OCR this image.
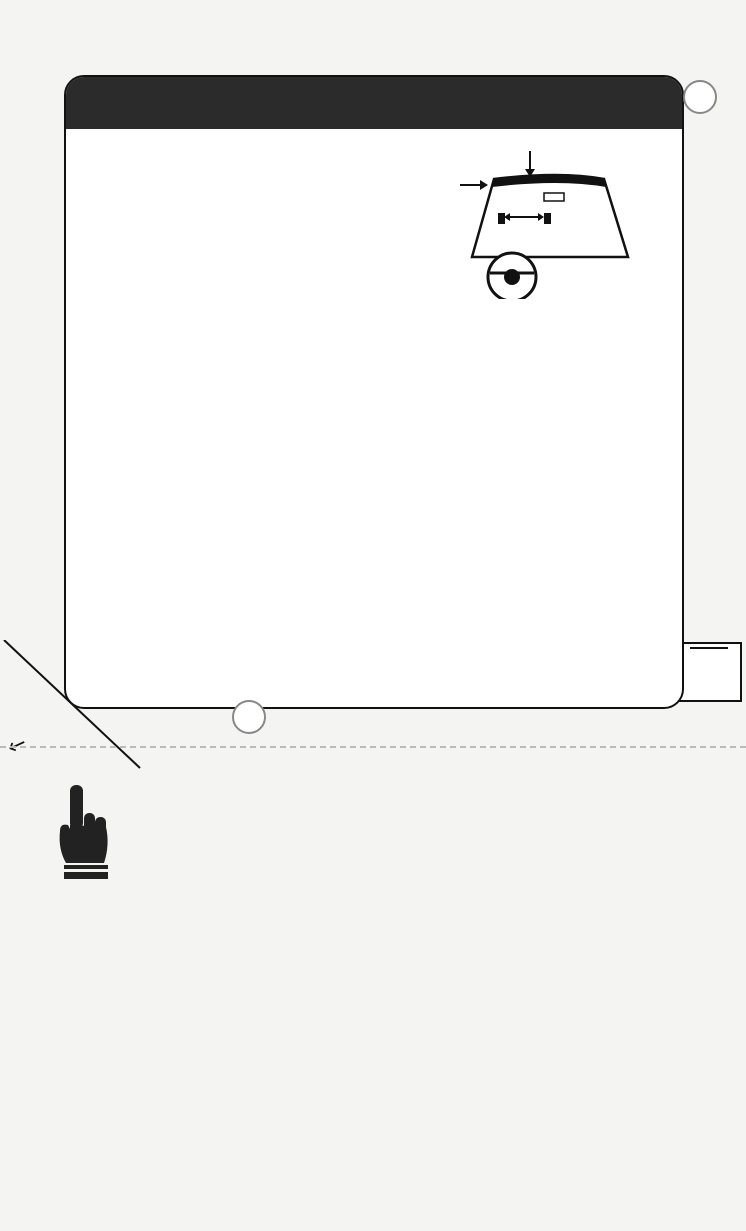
↙
